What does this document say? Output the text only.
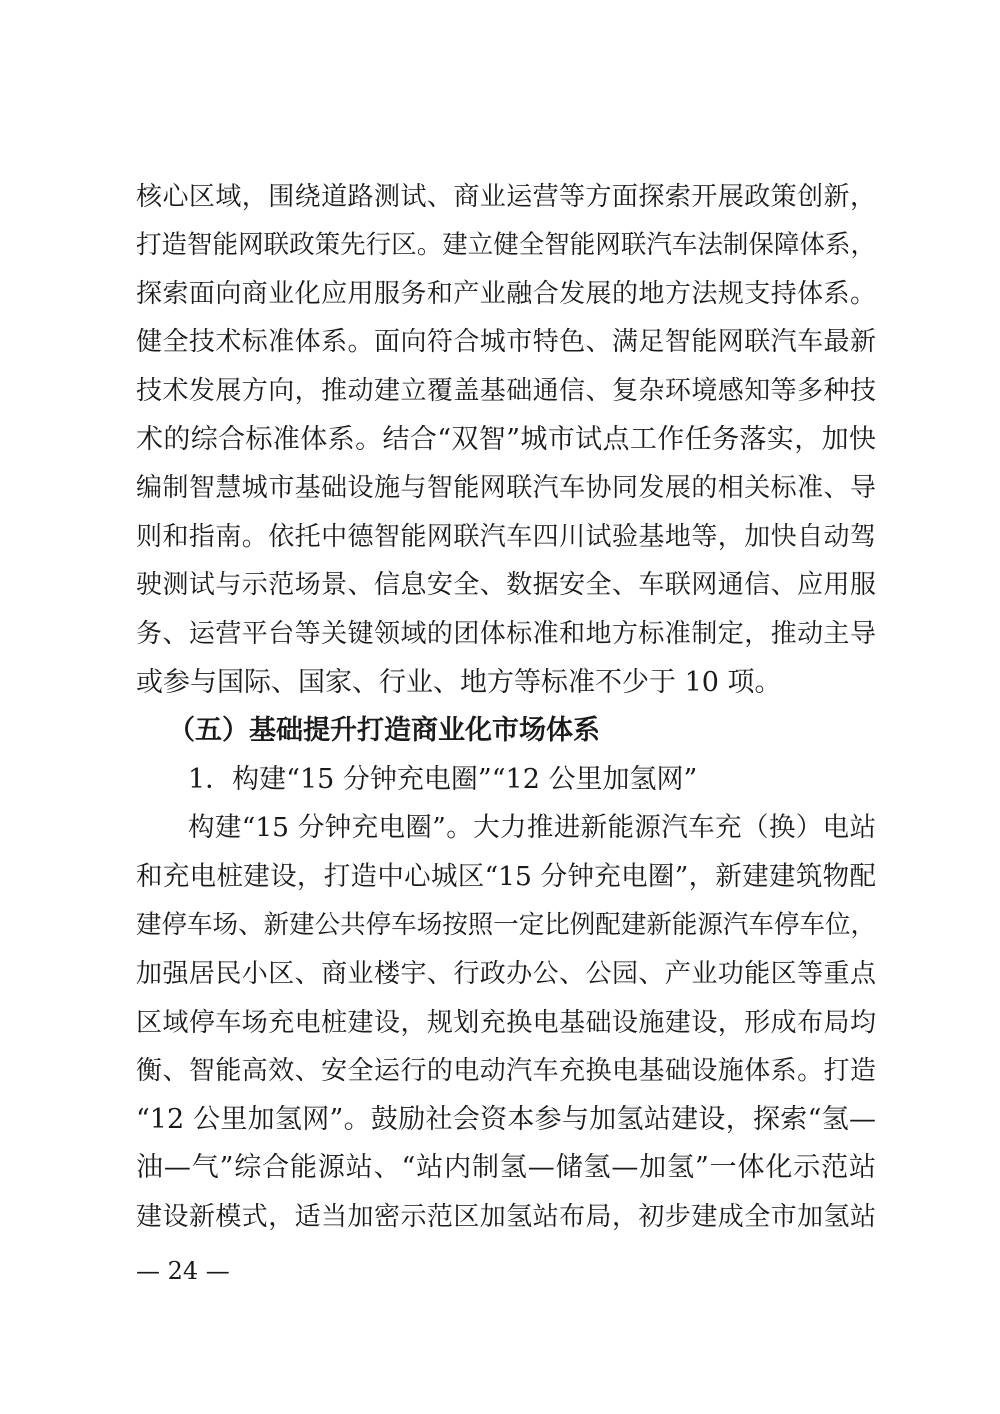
核心区域，围绕道路测试、商业运营等方面探索开展政策创新，
打造智能网联政策先行区。建立健全智能网联汽车法制保障体系，
探索面向商业化应用服务和产业融合发展的地方法规支持体系。
健全技术标准体系。面向符合城市特色、满足智能网联汽车最新
技术发展方向，推动建立覆盖基础通信、复杂环境感知等多种技
术的综合标准体系。结合“双智”城市试点工作任务落实，加快
编制智慧城市基础设施与智能网联汽车协同发展的相关标准、导
则和指南。依托中德智能网联汽车四川试验基地等，加快自动驾
驶测试与示范场景、信息安全、数据安全、车联网通信、应用服
务、运营平台等关键领域的团体标准和地方标准制定，推动主导
或参与国际、国家、行业、地方等标准不少于 10 项。
（五）基础提升打造商业化市场体系
1．构建“15 分钟充电圈”“12 公里加氢网”
构建“15 分钟充电圈”。大力推进新能源汽车充（换）电站
和充电桩建设，打造中心城区“15 分钟充电圈”，新建建筑物配
建停车场、新建公共停车场按照一定比例配建新能源汽车停车位，
加强居民小区、商业楼宇、行政办公、公园、产业功能区等重点
区域停车场充电桩建设，规划充换电基础设施建设，形成布局均
衡、智能高效、安全运行的电动汽车充换电基础设施体系。打造
“12 公里加氢网”。鼓励社会资本参与加氢站建设，探索“氢—
油—气”综合能源站、“站内制氢—储氢—加氢”一体化示范站
建设新模式，适当加密示范区加氢站布局，初步建成全市加氢站
— 24 —
